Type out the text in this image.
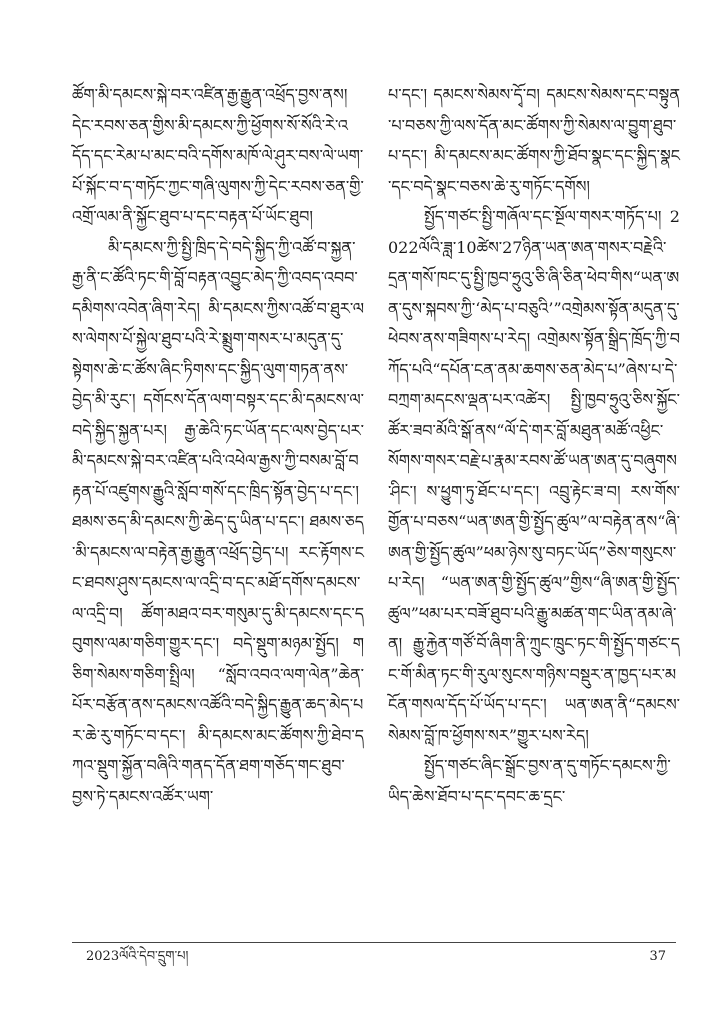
ཚོག་མི་དམངས་སྐེ་བར་འཛིན་རྒྱ་རྒྱུན་འཕྲོད་བྱས་ནས། དེང་རབས་ཅན་གྱིས་མི་དམངས་ཀྱི་ཕྱོགས་སོ་སོའི་རེ་འདོད་དང་རེམ་པ་མང་བའི་དགོས་མཁོ་ལེ་ཤུར་བས་ལེ་ཡག་པོ་སྐོང་བ་ད་གཏོང་ཀྱང་གཞི་ལུགས་ཀྱི་དེང་རབས་ཅན་གྱི་འགྲོ་ལམ་ནི་སྐྱོང་ཐུབ་པ་དང་བརྟན་པོ་ཡོང་ཐུབ།

མི་དམངས་ཀྱི་སྤྱི་ཁྲིད་དེ་བདེ་སྐྱིད་ཀྱི་འཚོ་བ་སྐྱན་རྒྱ་ནི་ང་ཚོའི་ཏང་གི་བློ་བརྟན་འབྱུང་མེད་ཀྱི་འབད་འབབ་དམིགས་འབེན་ཞིག་རེད། མི་དམངས་ཀྱིས་འཚོ་བ་ཐུར་ལས་ལེགས་པོ་སྐྱེལ་ཐུབ་པའི་རེ་སྨྲུག་གསར་པ་མདུན་དུ་སྟེགས་ཆེ་ང་ཚོས་ཞིང་ཏིགས་དང་སྐྱིད་ལུག་གཏན་ནས་བྱེད་མི་རུང་། དགོངས་དོན་ལག་བསྟར་དང་མི་དམངས་ལ་བདེ་སྐྱིད་སྐྱན་པར། རྒྱ་ཆེའི་ཏང་ཡོན་དང་ལས་བྱེད་པར་མི་དམངས་སྐེ་བར་འཛིན་པའི་འཕེལ་རྒྱས་ཀྱི་བསམ་བློ་བརྟན་པོ་འཛུགས་རྒྱུའི་སློབ་གསོ་དང་ཁྲིད་སྟོན་བྱེད་པ་དང་། ཐམས་ཅད་མི་དམངས་ཀྱི་ཆེད་དུ་ཡིན་པ་དང་། ཐམས་ཅད་མི་དམངས་ལ་བརྟེན་རྒྱ་རྒྱུན་འཕྲོད་བྱེད་པ། རང་རྟོགས་ངང་ཐབས་ཤུས་དམངས་ལ་འདྲི་བ་དང་མཐོ་དགོས་དམངས་ལ་འདྲི་བ། ཚོག་མཐའ་བར་གསུམ་དུ་མི་དམངས་དང་དབུགས་ལམ་གཅིག་གྱུར་དང་། བདེ་སྡུག་མཉམ་སྤྱོད། གཅིག་སེམས་གཅིག་སྤྲིལ། “སློབ་འབའ་ལག་ལེན”ཆེན་པོར་བརྩོན་ནས་དམངས་འཚོའི་བདེ་སྐྱིད་རྒྱུན་ཆད་མེད་པར་ཆེ་རུ་གཏོང་བ་དང་། མི་དམངས་མང་ཚོགས་ཀྱི་ཐེབ་དཀའ་སྡུག་སྐྱོན་བཞིའི་གནད་དོན་ཐག་གཅོད་གང་ཐུབ་བྱས་ཏེ་དམངས་འཚོར་ཡག་

པ་དང་། དམངས་སེམས་དྭོ་བ། དམངས་སེམས་དང་བསྟུན་པ་བཅས་ཀྱི་ལས་དོན་མང་ཚོགས་ཀྱི་སེམས་ལ་བྱུག་ཐུབ་པ་དང་། མི་དམངས་མང་ཚོགས་ཀྱི་ཐོབ་སྣང་དང་སྐྱིད་སྣང་དང་བདེ་སྣང་བཅས་ཆེ་རུ་གཏོང་དགོས།

སྤྱོད་གཙང་སྤྱི་གཞོལ་དང་སྔོལ་གསར་གཏོད་པ། 2022ལོའི་ཟླ་10ཚེས་27ཉིན་ཡན་ཨན་གསར་བརྗེའི་དྲན་གསོ་ཁང་དུ་སྤྱི་ཁྱབ་ཧྲུའུ་ཅི་ཞི་ཅིན་ཕེབ་གིས“ཡན་ཨན་དུས་སྐབས་ཀྱི་‘མེད་པ་བཅུའི’”འགྲེམས་སྟོན་མདུན་དུ་ཕེབས་ནས་གཟིགས་པ་རེད། འགྲེམས་སྟོན་སྒྲིད་ཁྲོད་ཀྱི་བཀོད་པའི“དཔོན་ངན་ནམ་ཆགས་ཅན་མེད་པ”ཞེས་པ་དེ་བཀྲག་མདངས་ལྡན་པར་འཚེར། སྤྱི་ཁྱབ་ཧྲུའུ་ཅིས་སྐྱོང་ཚོར་ཟབ་མོའི་སྒོ་ནས“ལོ་དེ་གར་བློ་མཐུན་མཚོ་འཕྱིང་སོགས་གསར་བརྗེ་པ་རྣམ་རབས་ཚོ་ཡན་ཨན་དུ་བཞུགས་ཤིང་། ས་ཕྱུག་ཏུ་ཐོང་པ་དང་། འབྲུ་རྟེང་ཟ་བ། རས་གོས་གྱོན་པ་བཅས“ཡན་ཨན་གྱི་སྤྱོད་ཚུལ”ལ་བརྟེན་ནས“ཞི་ཨན་གྱི་སྤྱོད་ཚུལ”ཕམ་ཉེས་སུ་བཏང་ཡོད”ཅེས་གསུངས་པ་རེད། “ཡན་ཨན་གྱི་སྤྱོད་ཚུལ”གྱིས“ཞི་ཨན་གྱི་སྤྱོད་ཚུལ”ཕམ་པར་བཟོ་ཐུབ་པའི་རྒྱུ་མཚན་གང་ཡིན་ནམ་ཞེ་ན། རྒྱུ་རྐྱེན་གཙོ་བོ་ཞིག་ནི་ཀྲུང་ཁྲུང་ཏང་གི་སྤྱོད་གཙང་དང་གོ་མིན་ཏང་གི་རུལ་སུངས་གཉིས་བསྡུར་ན་ཁྱད་པར་མངོན་གསལ་དོད་པོ་ཡོད་པ་དང་། ཡན་ཨན་ནི“དམངས་སེམས་བློ་ཁ་ཕྱོགས་སར”གྱུར་པས་རེད།

སྤྱོད་གཙང་ཞིང་སྒྲོང་བྱས་ན་དུ་གཏོང་དམངས་ཀྱི་ཡིད་ཆེས་ཐོབ་པ་དང་དབང་ཆ་དྲང་

2023ལོའི་དེབ་དྲུག་པ།	37
